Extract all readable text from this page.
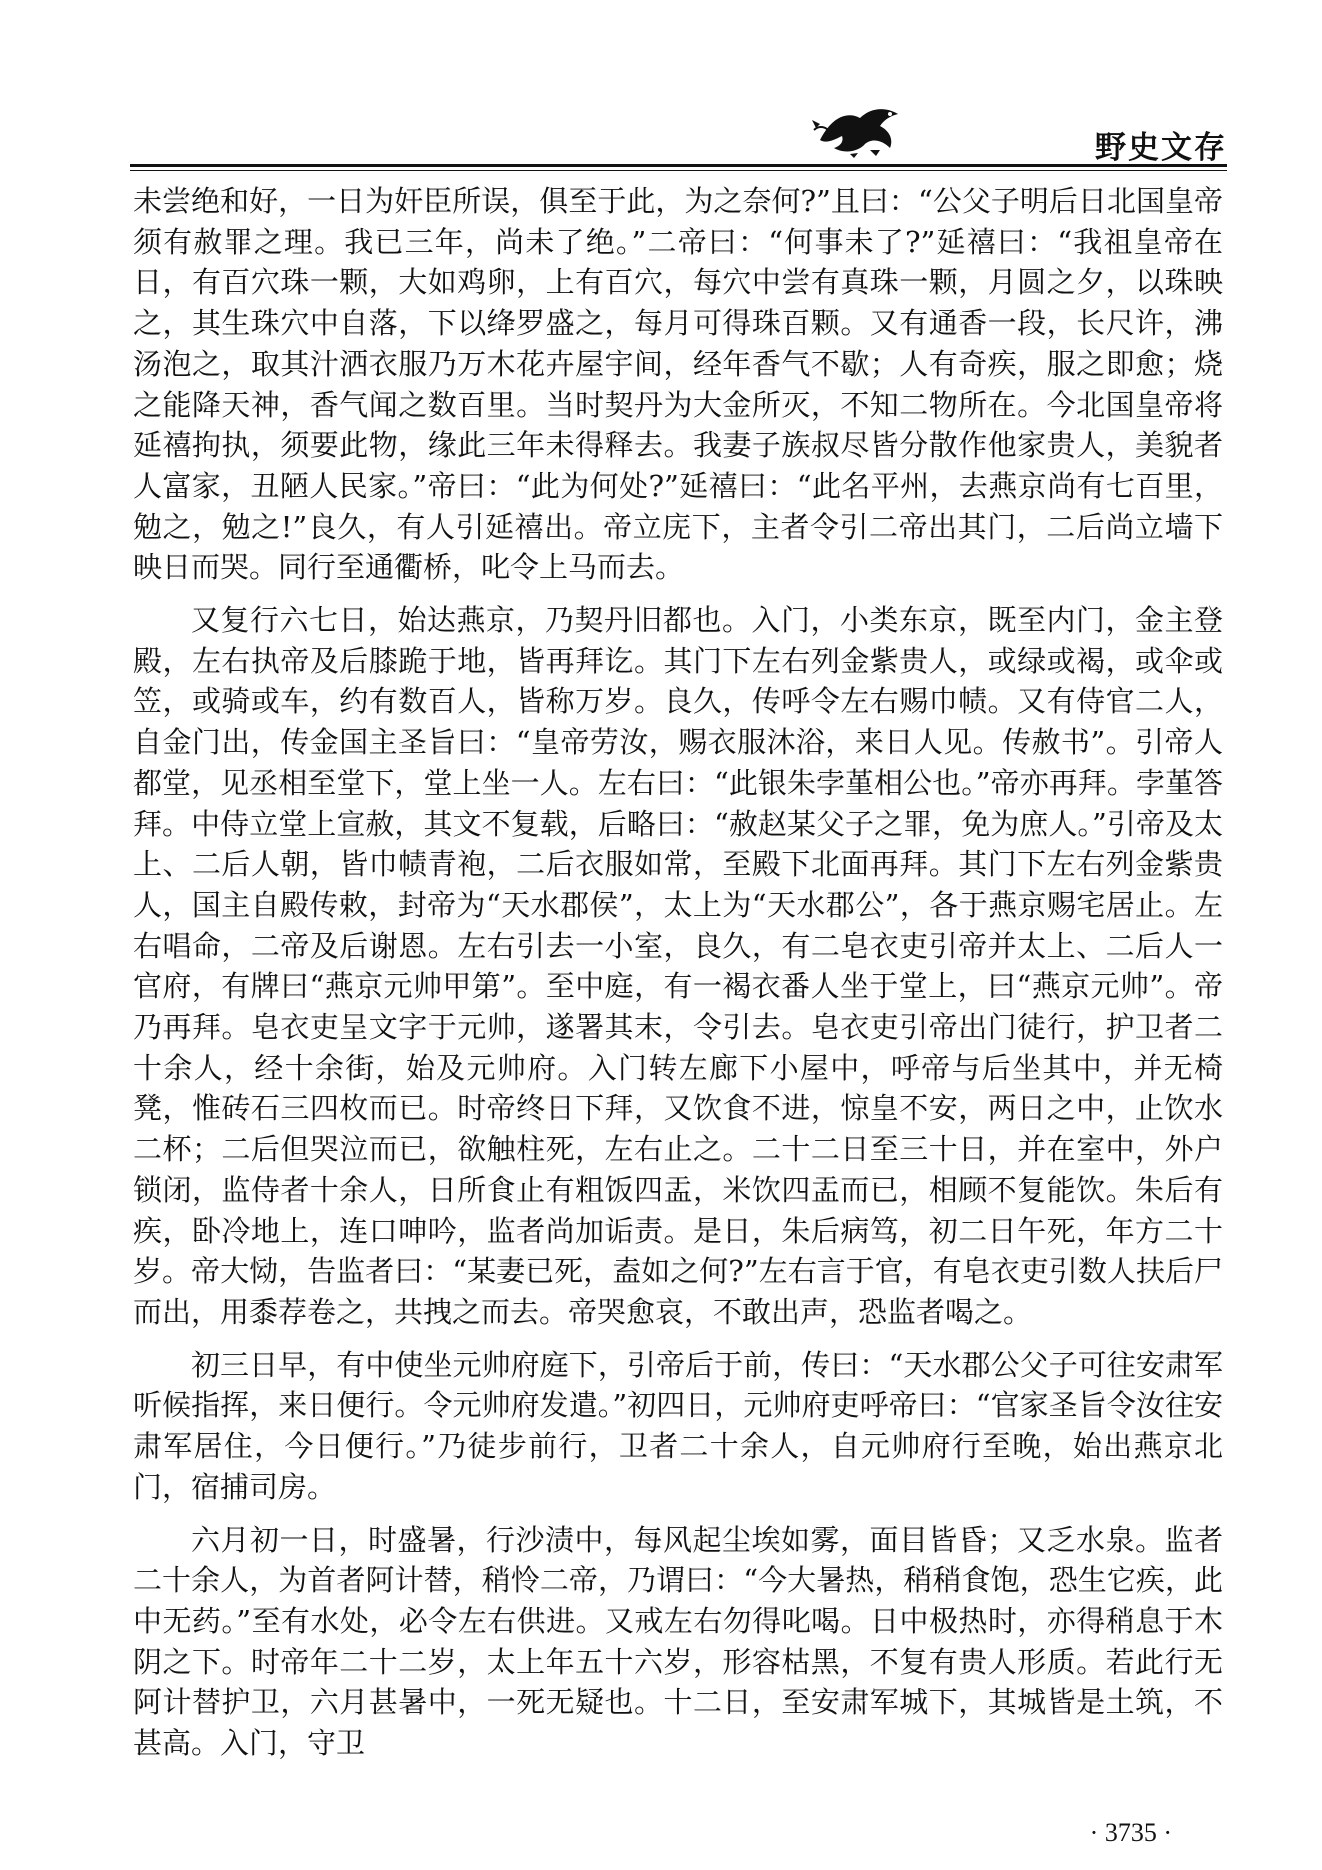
野史文存

未尝绝和好，一日为奸臣所误，俱至于此，为之奈何?”且曰：“公父子明后日北国皇帝须有赦罪之理。我已三年，尚未了绝。”二帝曰：“何事未了?”延禧曰：“我祖皇帝在日，有百穴珠一颗，大如鸡卵，上有百穴，每穴中尝有真珠一颗，月圆之夕，以珠映之，其生珠穴中自落，下以绛罗盛之，每月可得珠百颗。又有通香一段，长尺许，沸汤泡之，取其汁洒衣服乃万木花卉屋宇间，经年香气不歇；人有奇疾，服之即愈；烧之能降天神，香气闻之数百里。当时契丹为大金所灭，不知二物所在。今北国皇帝将延禧拘执，须要此物，缘此三年未得释去。我妻子族叔尽皆分散作他家贵人，美貌者人富家，丑陋人民家。”帝曰：“此为何处?”延禧曰：“此名平州，去燕京尚有七百里，勉之，勉之!”良久，有人引延禧出。帝立庑下，主者令引二帝出其门，二后尚立墙下映日而哭。同行至通衢桥，叱令上马而去。

又复行六七日，始达燕京，乃契丹旧都也。入门，小类东京，既至内门，金主登殿，左右执帝及后膝跪于地，皆再拜讫。其门下左右列金紫贵人，或绿或褐，或伞或笠，或骑或车，约有数百人，皆称万岁。良久，传呼令左右赐巾帻。又有侍官二人，自金门出，传金国主圣旨曰：“皇帝劳汝，赐衣服沐浴，来日人见。传赦书”。引帝人都堂，见丞相至堂下，堂上坐一人。左右曰：“此银朱孛堇相公也。”帝亦再拜。孛堇答拜。中侍立堂上宣赦，其文不复载，后略曰：“赦赵某父子之罪，免为庶人。”引帝及太上、二后人朝，皆巾帻青袍，二后衣服如常，至殿下北面再拜。其门下左右列金紫贵人，国主自殿传敕，封帝为“天水郡侯”，太上为“天水郡公”，各于燕京赐宅居止。左右唱命，二帝及后谢恩。左右引去一小室，良久，有二皂衣吏引帝并太上、二后人一官府，有牌曰“燕京元帅甲第”。至中庭，有一褐衣番人坐于堂上，曰“燕京元帅”。帝乃再拜。皂衣吏呈文字于元帅，遂署其末，令引去。皂衣吏引帝出门徒行，护卫者二十余人，经十余街，始及元帅府。入门转左廊下小屋中，呼帝与后坐其中，并无椅凳，惟砖石三四枚而已。时帝终日下拜，又饮食不进，惊皇不安，两日之中，止饮水二杯；二后但哭泣而已，欲触柱死，左右止之。二十二日至三十日，并在室中，外户锁闭，监侍者十余人，日所食止有粗饭四盂，米饮四盂而已，相顾不复能饮。朱后有疾，卧冷地上，连口呻吟，监者尚加诟责。是日，朱后病笃，初二日午死，年方二十岁。帝大恸，告监者曰：“某妻已死，盍如之何?”左右言于官，有皂衣吏引数人扶后尸而出，用黍荐卷之，共拽之而去。帝哭愈哀，不敢出声，恐监者喝之。

初三日早，有中使坐元帅府庭下，引帝后于前，传曰：“天水郡公父子可往安肃军听候指挥，来日便行。令元帅府发遣。”初四日，元帅府吏呼帝曰：“官家圣旨令汝往安肃军居住，今日便行。”乃徒步前行，卫者二十余人，自元帅府行至晚，始出燕京北门，宿捕司房。

六月初一日，时盛暑，行沙渍中，每风起尘埃如雾，面目皆昏；又乏水泉。监者二十余人，为首者阿计替，稍怜二帝，乃谓曰：“今大暑热，稍稍食饱，恐生它疾，此中无药。”至有水处，必令左右供进。又戒左右勿得叱喝。日中极热时，亦得稍息于木阴之下。时帝年二十二岁，太上年五十六岁，形容枯黑，不复有贵人形质。若此行无阿计替护卫，六月甚暑中，一死无疑也。十二日，至安肃军城下，其城皆是土筑，不甚高。入门，守卫

· 3735 ·
